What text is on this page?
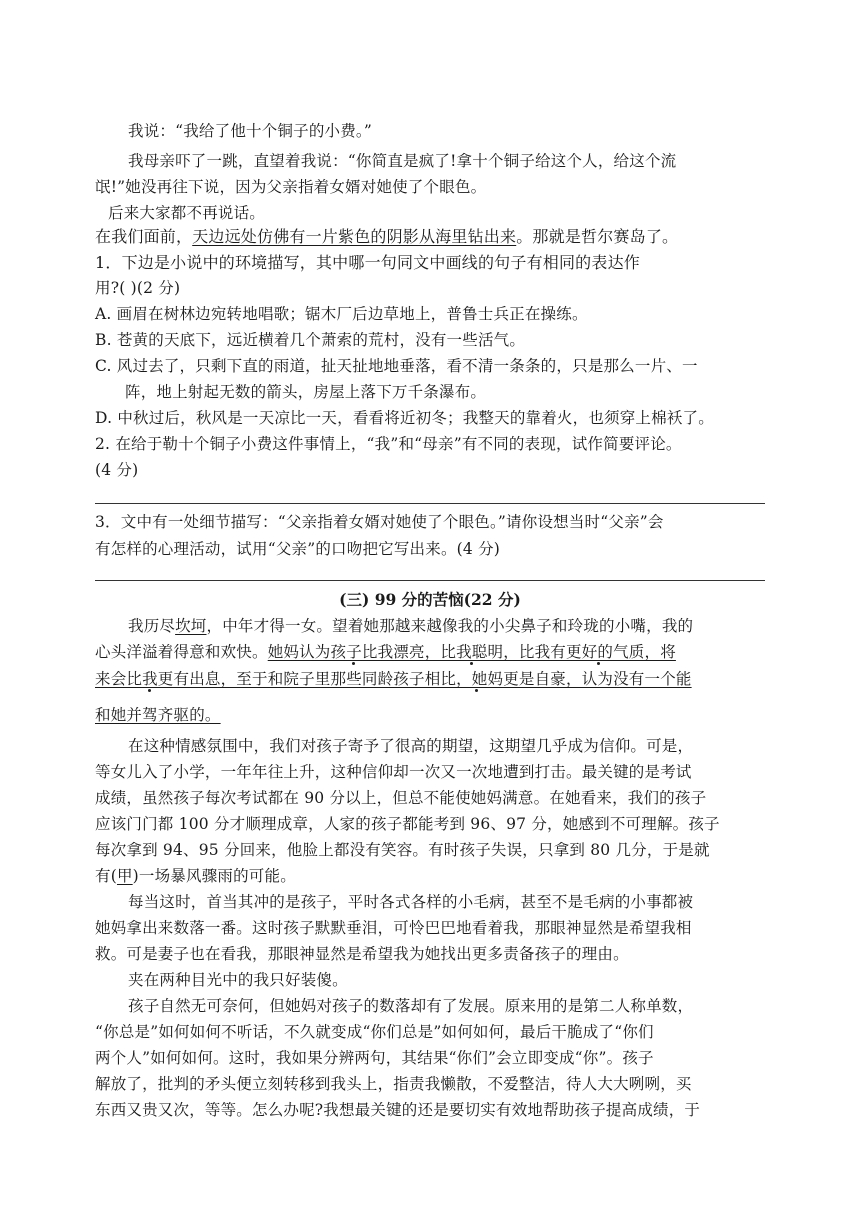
我说：“我给了他十个铜子的小费。”
我母亲吓了一跳，直望着我说：“你简直是疯了!拿十个铜子给这个人，给这个流
氓!”她没再往下说，因为父亲指着女婿对她使了个眼色。
后来大家都不再说话。
在我们面前，天边远处仿佛有一片紫色的阴影从海里钻出来。那就是哲尔赛岛了。
1．下边是小说中的环境描写，其中哪一句同文中画线的句子有相同的表达作
用?( )(2 分)
A. 画眉在树林边宛转地唱歌；锯木厂后边草地上，普鲁士兵正在操练。
B. 苍黄的天底下，远近横着几个萧索的荒村，没有一些活气。
C. 风过去了，只剩下直的雨道，扯天扯地地垂落，看不清一条条的，只是那么一片、一
阵，地上射起无数的箭头，房屋上落下万千条瀑布。
D. 中秋过后，秋风是一天凉比一天，看看将近初冬；我整天的靠着火，也须穿上棉袄了。
2. 在给于勒十个铜子小费这件事情上，“我”和“母亲”有不同的表现，试作简要评论。
(4 分)
3．文中有一处细节描写：“父亲指着女婿对她使了个眼色。”请你设想当时“父亲”会
有怎样的心理活动，试用“父亲”的口吻把它写出来。(4 分)
(三) 99 分的苦恼(22 分)
我历尽坎坷，中年才得一女。望着她那越来越像我的小尖鼻子和玲珑的小嘴，我的
心头洋溢着得意和欢快。她妈认为孩子比我漂亮，比我聪明，比我有更好的气质，将
来会比我更有出息，至于和院子里那些同龄孩子相比，她妈更是自豪，认为没有一个能
和她并驾齐驱的。
在这种情感氛围中，我们对孩子寄予了很高的期望，这期望几乎成为信仰。可是，
等女儿入了小学，一年年往上升，这种信仰却一次又一次地遭到打击。最关键的是考试
成绩，虽然孩子每次考试都在 90 分以上，但总不能使她妈满意。在她看来，我们的孩子
应该门门都 100 分才顺理成章，人家的孩子都能考到 96、97 分，她感到不可理解。孩子
每次拿到 94、95 分回来，他脸上都没有笑容。有时孩子失误，只拿到 80 几分，于是就
有(甲)一场暴风骤雨的可能。
每当这时，首当其冲的是孩子，平时各式各样的小毛病，甚至不是毛病的小事都被
她妈拿出来数落一番。这时孩子默默垂泪，可怜巴巴地看着我，那眼神显然是希望我相
救。可是妻子也在看我，那眼神显然是希望我为她找出更多责备孩子的理由。
夹在两种目光中的我只好装傻。
孩子自然无可奈何，但她妈对孩子的数落却有了发展。原来用的是第二人称单数，
“你总是”如何如何不听话，不久就变成“你们总是”如何如何，最后干脆成了“你们
两个人”如何如何。这时，我如果分辨两句，其结果“你们”会立即变成“你”。孩子
解放了，批判的矛头便立刻转移到我头上，指责我懒散，不爱整洁，待人大大咧咧，买
东西又贵又次，等等。怎么办呢?我想最关键的还是要切实有效地帮助孩子提高成绩，于
